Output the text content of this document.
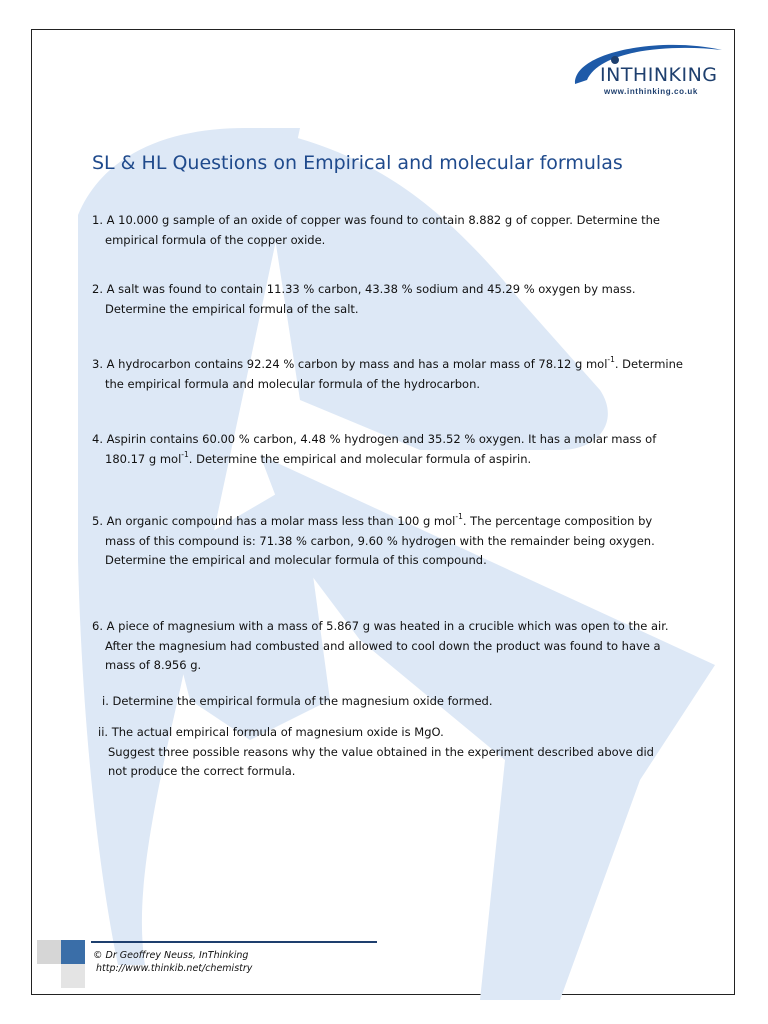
INTHINKING
www.inthinking.co.uk
SL & HL Questions on Empirical and molecular formulas
1. A 10.000 g sample of an oxide of copper was found to contain 8.882 g of copper. Determine the
empirical formula of the copper oxide.
2. A salt was found to contain 11.33 % carbon, 43.38 % sodium and 45.29 % oxygen by mass.
Determine the empirical formula of the salt.
3. A hydrocarbon contains 92.24 % carbon by mass and has a molar mass of 78.12 g mol$^{-1}$. Determine
the empirical formula and molecular formula of the hydrocarbon.
4. Aspirin contains 60.00 % carbon, 4.48 % hydrogen and 35.52 % oxygen. It has a molar mass of
180.17 g mol$^{-1}$. Determine the empirical and molecular formula of aspirin.
5. An organic compound has a molar mass less than 100 g mol$^{-1}$. The percentage composition by
mass of this compound is: 71.38 % carbon, 9.60 % hydrogen with the remainder being oxygen.
Determine the empirical and molecular formula of this compound.
6. A piece of magnesium with a mass of 5.867 g was heated in a crucible which was open to the air.
After the magnesium had combusted and allowed to cool down the product was found to have a
mass of 8.956 g.
i. Determine the empirical formula of the magnesium oxide formed.
ii. The actual empirical formula of magnesium oxide is MgO.
Suggest three possible reasons why the value obtained in the experiment described above did
not produce the correct formula.
© Dr Geoffrey Neuss, InThinking
http://www.thinkib.net/chemistry
